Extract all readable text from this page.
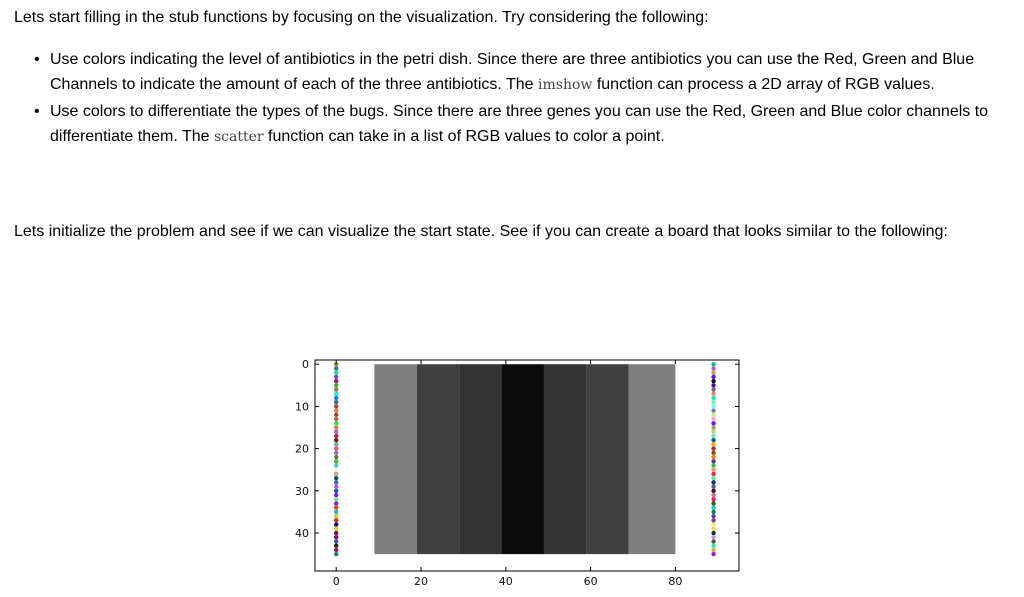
Lets start filling in the stub functions by focusing on the visualization. Try considering the following:

• Use colors indicating the level of antibiotics in the petri dish. Since there are three antibiotics you can use the Red, Green and Blue Channels to indicate the amount of each of the three antibiotics. The imshow function can process a 2D array of RGB values.
• Use colors to differentiate the types of the bugs. Since there are three genes you can use the Red, Green and Blue color channels to differentiate them. The scatter function can take in a list of RGB values to color a point.

Lets initialize the problem and see if we can visualize the start state. See if you can create a board that looks similar to the following:

0
10
20
30
40
0	20	40	60	80
